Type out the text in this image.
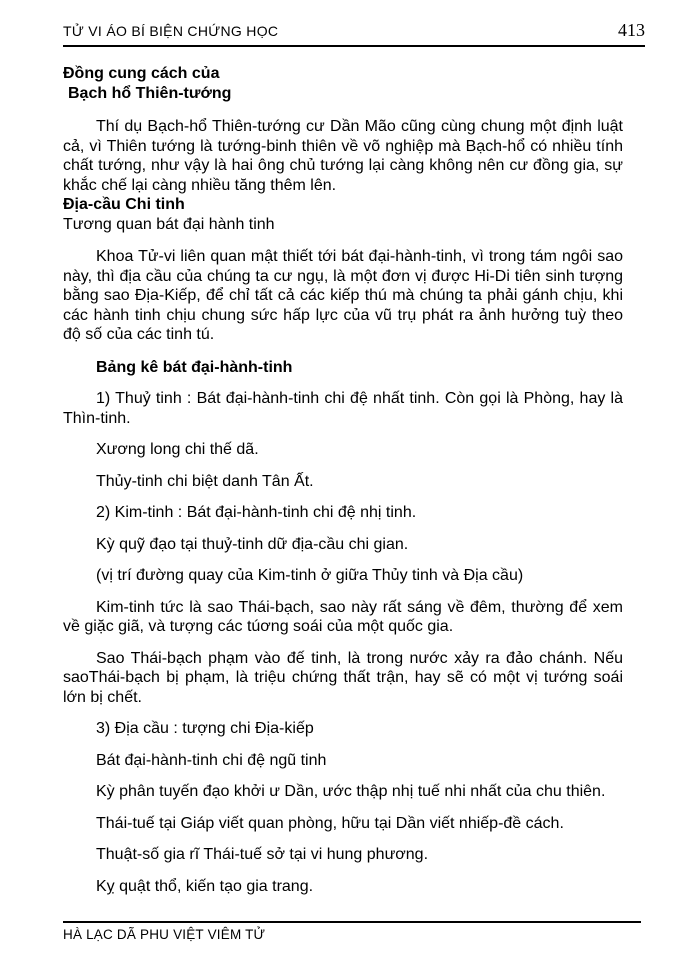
TỬ VI ÁO BÍ BIỆN CHỨNG HỌC	413
Đồng cung cách của
Bạch hổ Thiên-tướng

Thí dụ Bạch-hổ Thiên-tướng cư Dần Mão cũng cùng chung một định luật cả, vì Thiên tướng là tướng-binh thiên về võ nghiệp mà Bạch-hổ có nhiều tính chất tướng, như vậy là hai ông chủ tướng lại càng không nên cư đồng gia, sự khắc chế lại càng nhiều tăng thêm lên.

Địa-cầu Chi tinh

Tương quan bát đại hành tinh

Khoa Tử-vi liên quan mật thiết tới bát đại-hành-tinh, vì trong tám ngôi sao này, thì địa cầu của chúng ta cư ngụ, là một đơn vị được Hi-Di tiên sinh tượng bằng sao Địa-Kiếp, để chỉ tất cả các kiếp thú mà chúng ta phải gánh chịu, khi các hành tinh chịu chung sức hấp lực của vũ trụ phát ra ảnh hưởng tuỳ theo độ số của các tinh tú.

Bảng kê bát đại-hành-tinh

1) Thuỷ tinh : Bát đại-hành-tinh chi đệ nhất tinh. Còn gọi là Phòng, hay là Thìn-tinh.

Xương long chi thế dã.

Thủy-tinh chi biệt danh Tân Ất.

2) Kim-tinh : Bát đại-hành-tinh chi đệ nhị tinh.

Kỳ quỹ đạo tại thuỷ-tinh dữ địa-cầu chi gian.

(vị trí đường quay của Kim-tinh ở giữa Thủy tinh và Địa cầu)

Kim-tinh tức là sao Thái-bạch, sao này rất sáng về đêm, thường để xem về giặc giã, và tượng các túơng soái của một quốc gia.

Sao Thái-bạch phạm vào đế tinh, là trong nước xảy ra đảo chánh. Nếu saoThái-bạch bị phạm, là triệu chứng thất trận, hay sẽ có một vị tướng soái lớn bị chết.

3) Địa cầu : tượng chi Địa-kiếp

Bát đại-hành-tinh chi đệ ngũ tinh

Kỳ phân tuyến đạo khởi ư Dần, ước thập nhị tuế nhi nhất của chu thiên.

Thái-tuế tại Giáp viết quan phòng, hữu tại Dần viết nhiếp-đề cách.

Thuật-số gia rĩ Thái-tuế sở tại vi hung phương.

Kỵ quật thổ, kiến tạo gia trang.

HÀ LẠC DÃ PHU VIỆT VIÊM TỬ
